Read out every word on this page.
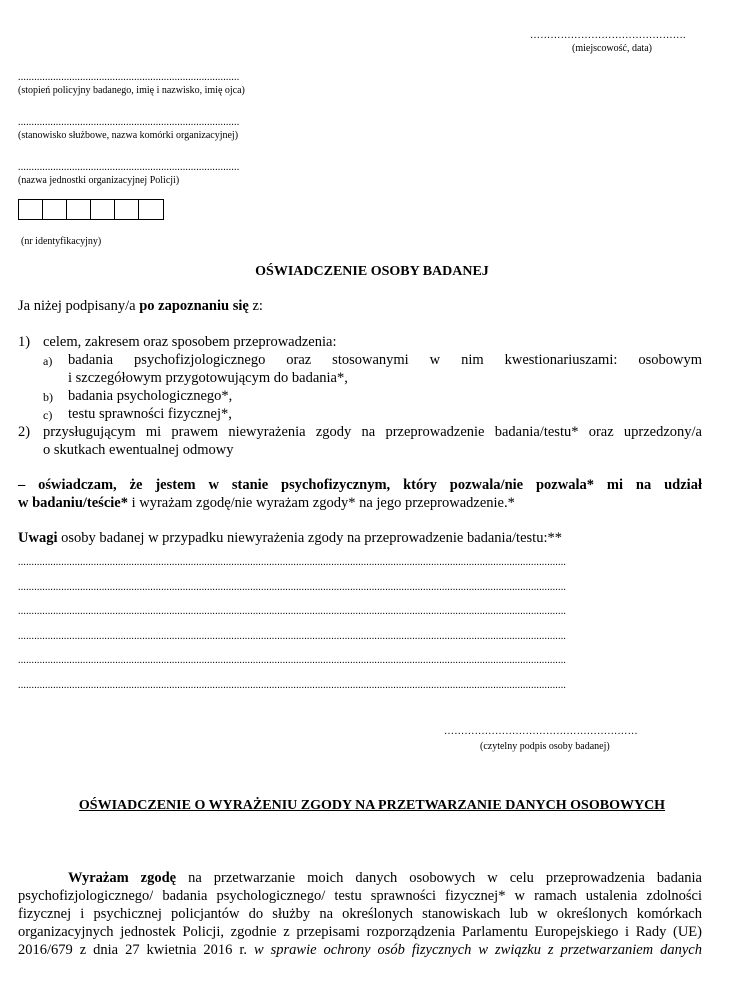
……………………………………….
(miejscowość, data)
..................................................................................
(stopień policyjny badanego, imię i nazwisko, imię ojca)
..................................................................................
(stanowisko służbowe, nazwa komórki organizacyjnej)
..................................................................................
(nazwa jednostki organizacyjnej Policji)
(nr identyfikacyjny)
OŚWIADCZENIE OSOBY BADANEJ
Ja niżej podpisany/a po zapoznaniu się z:
1) celem, zakresem oraz sposobem przeprowadzenia:
a) badania psychofizjologicznego oraz stosowanymi w nim kwestionariuszami: osobowym
i szczegółowym przygotowującym do badania*,
b) badania psychologicznego*,
c) testu sprawności fizycznej*,
2) przysługującym mi prawem niewyrażenia zgody na przeprowadzenie badania/testu* oraz uprzedzony/a
o skutkach ewentualnej odmowy
– oświadczam, że jestem w stanie psychofizycznym, który pozwala/nie pozwala* mi na udział
w badaniu/teście* i wyrażam zgodę/nie wyrażam zgody* na jego przeprowadzenie.*
Uwagi osoby badanej w przypadku niewyrażenia zgody na przeprowadzenie badania/testu:**
...........................................................................................................................................................................................................
...........................................................................................................................................................................................................
...........................................................................................................................................................................................................
...........................................................................................................................................................................................................
...........................................................................................................................................................................................................
...........................................................................................................................................................................................................
…………………………………………………
(czytelny podpis osoby badanej)
OŚWIADCZENIE O WYRAŻENIU ZGODY NA PRZETWARZANIE DANYCH OSOBOWYCH
Wyrażam zgodę na przetwarzanie moich danych osobowych w celu przeprowadzenia badania
psychofizjologicznego/ badania psychologicznego/ testu sprawności fizycznej* w ramach ustalenia zdolności
fizycznej i psychicznej policjantów do służby na określonych stanowiskach lub w określonych komórkach
organizacyjnych jednostek Policji, zgodnie z przepisami rozporządzenia Parlamentu Europejskiego i Rady (UE)
2016/679 z dnia 27 kwietnia 2016 r. w sprawie ochrony osób fizycznych w związku z przetwarzaniem danych
